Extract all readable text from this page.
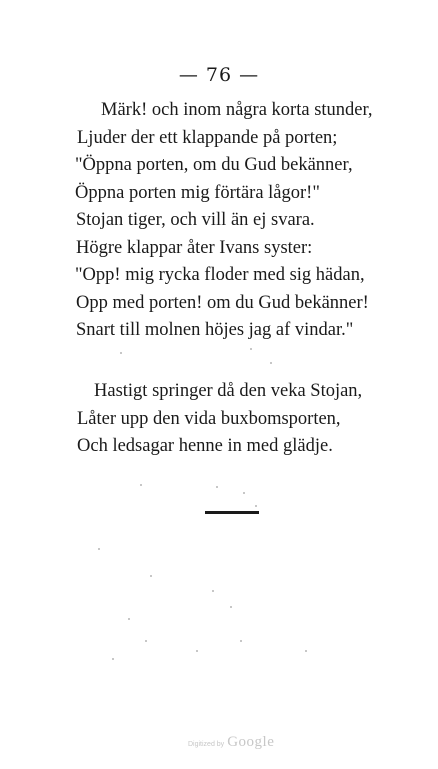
— 76 —
Märk! och inom några korta stunder,
Ljuder der ett klappande på porten;
"Öppna porten, om du Gud bekänner,
Öppna porten mig förtära lågor!"
Stojan tiger, och vill än ej svara.
Högre klappar åter Ivans syster:
"Opp! mig rycka floder med sig hädan,
Opp med porten! om du Gud bekänner!
Snart till molnen höjes jag af vindar."
Hastigt springer då den veka Stojan,
Låter upp den vida buxbomsporten,
Och ledsagar henne in med glädje.
Digitized by Google
